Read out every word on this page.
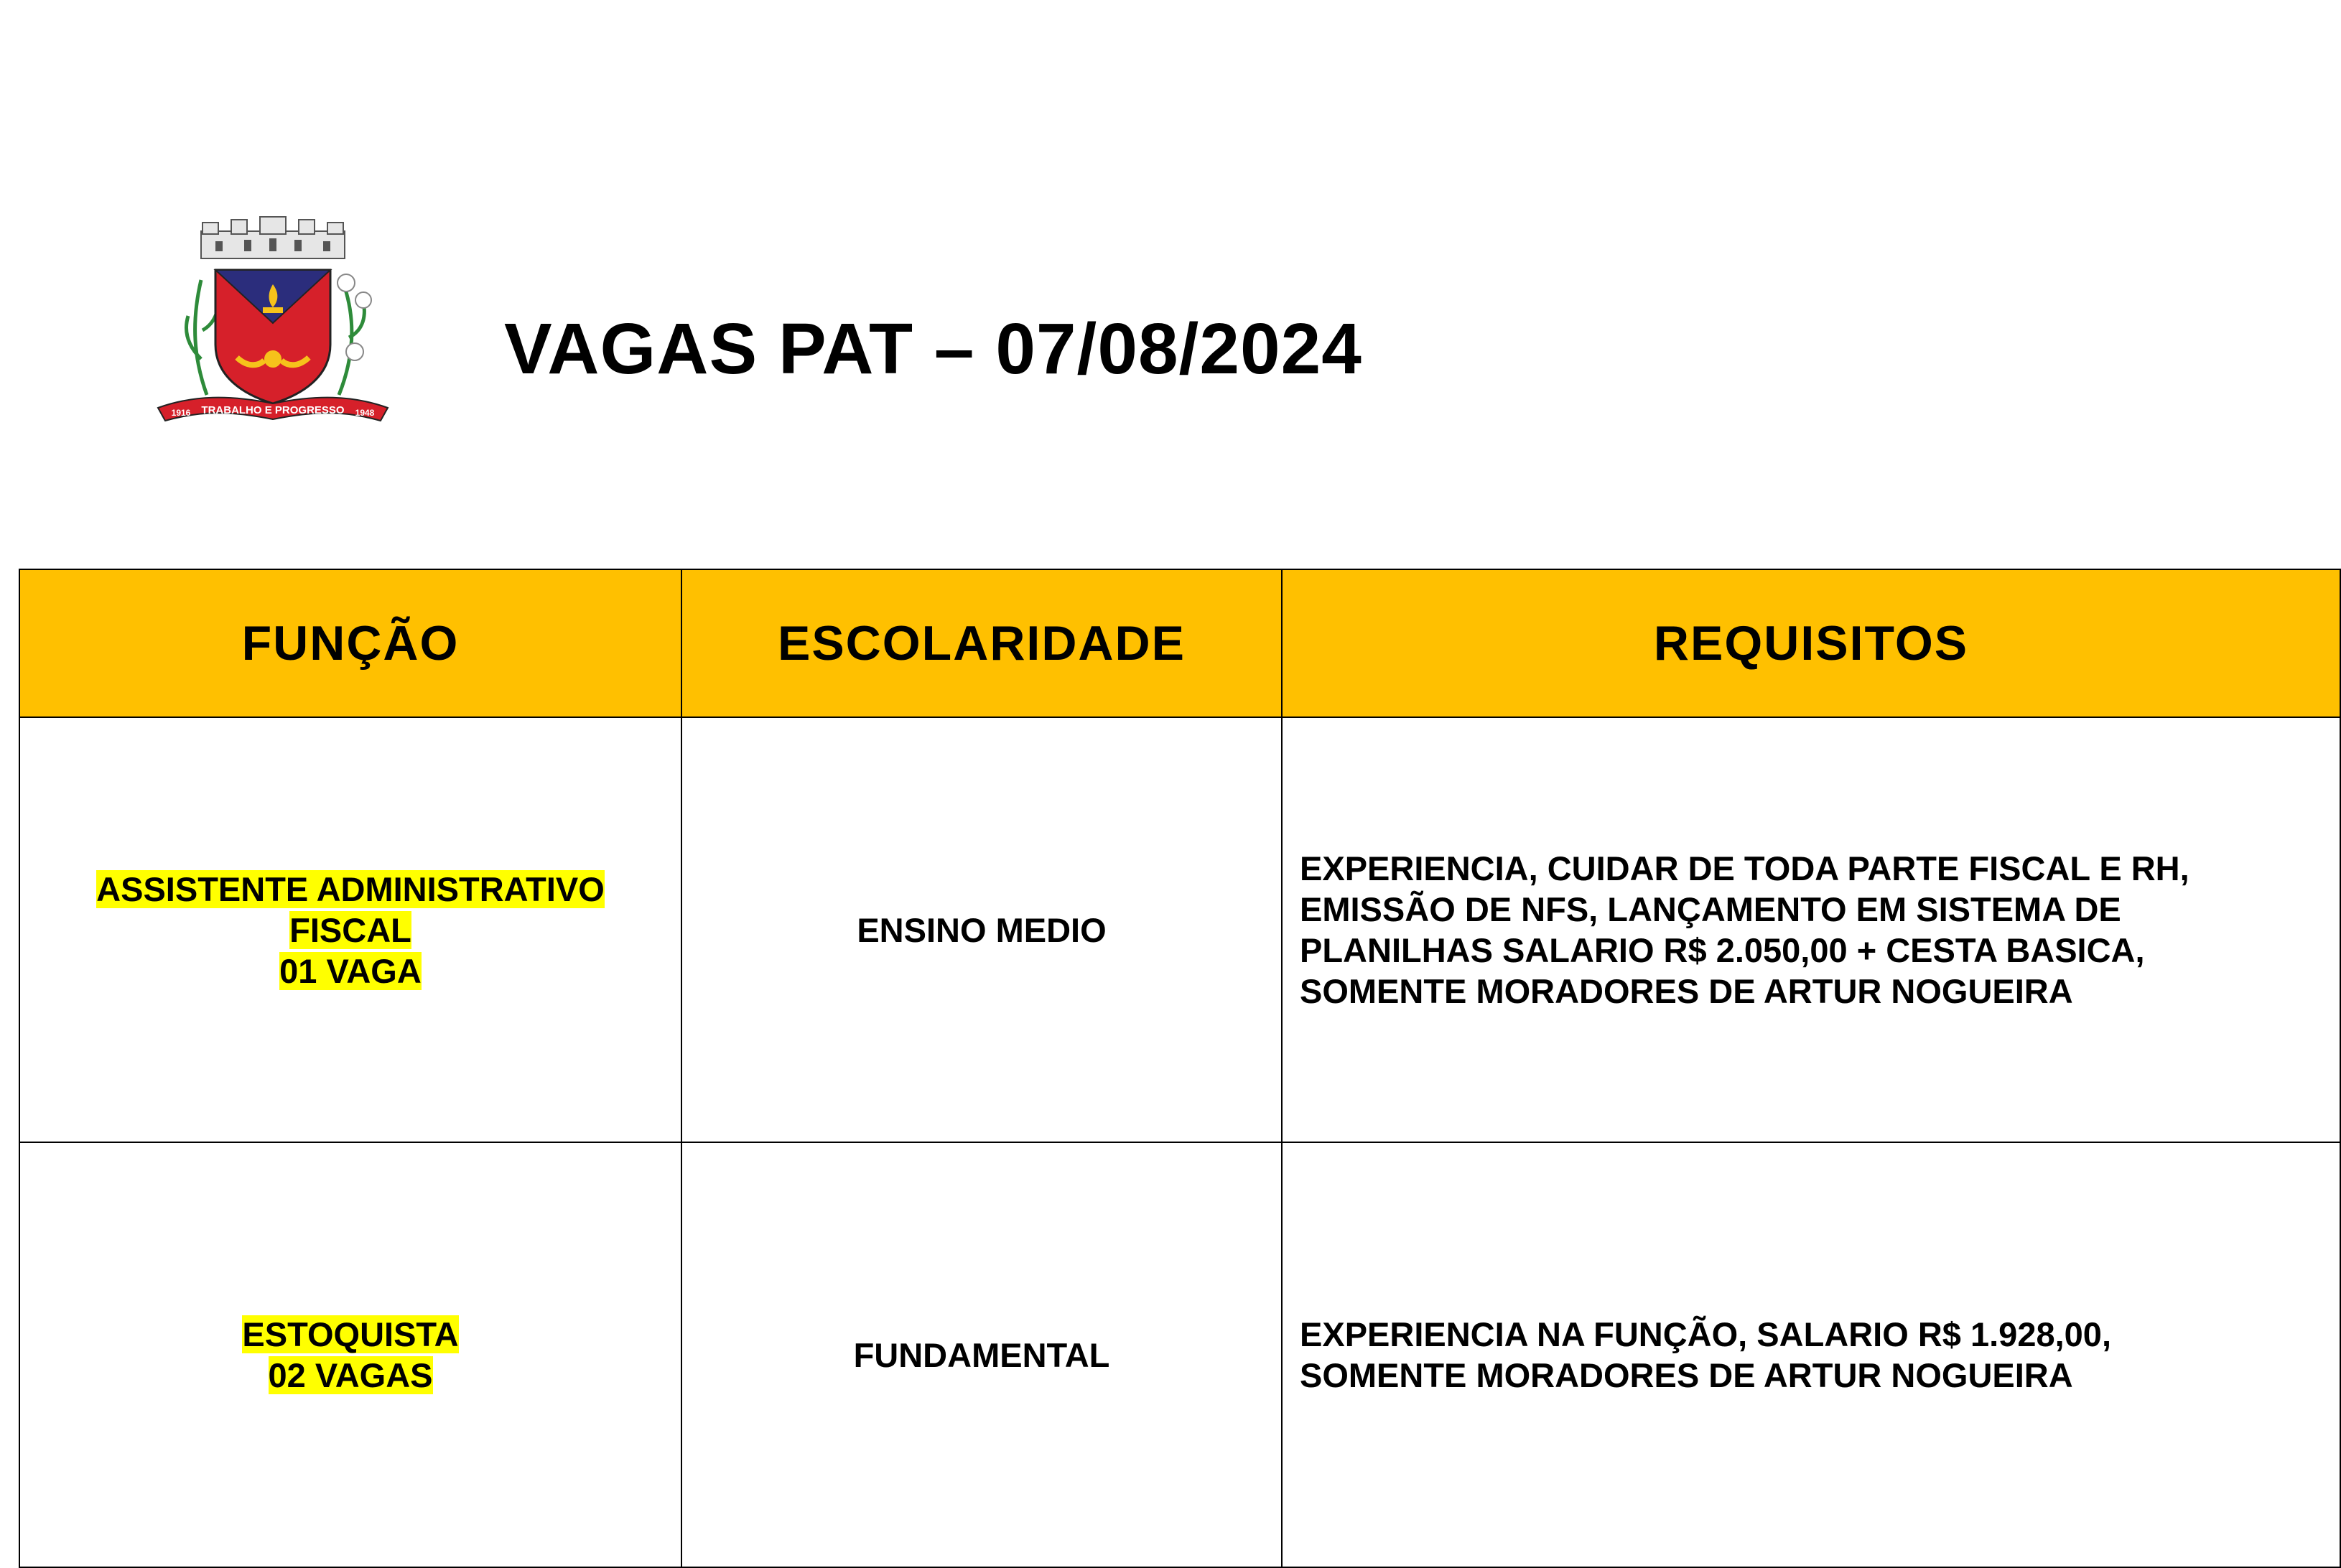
TRABALHO E PROGRESSO
1916	1948
VAGAS PAT – 07/08/2024
FUNÇÃO	ESCOLARIDADE	REQUISITOS

ASSISTENTE ADMINISTRATIVO
FISCAL
01 VAGA	ENSINO MEDIO	EXPERIENCIA, CUIDAR DE TODA PARTE FISCAL E RH,
EMISSÃO DE NFS, LANÇAMENTO EM SISTEMA DE
PLANILHAS SALARIO R$ 2.050,00 + CESTA BASICA,
SOMENTE MORADORES DE ARTUR NOGUEIRA

ESTOQUISTA
02 VAGAS	FUNDAMENTAL	EXPERIENCIA NA FUNÇÃO, SALARIO R$ 1.928,00,
SOMENTE MORADORES DE ARTUR NOGUEIRA
